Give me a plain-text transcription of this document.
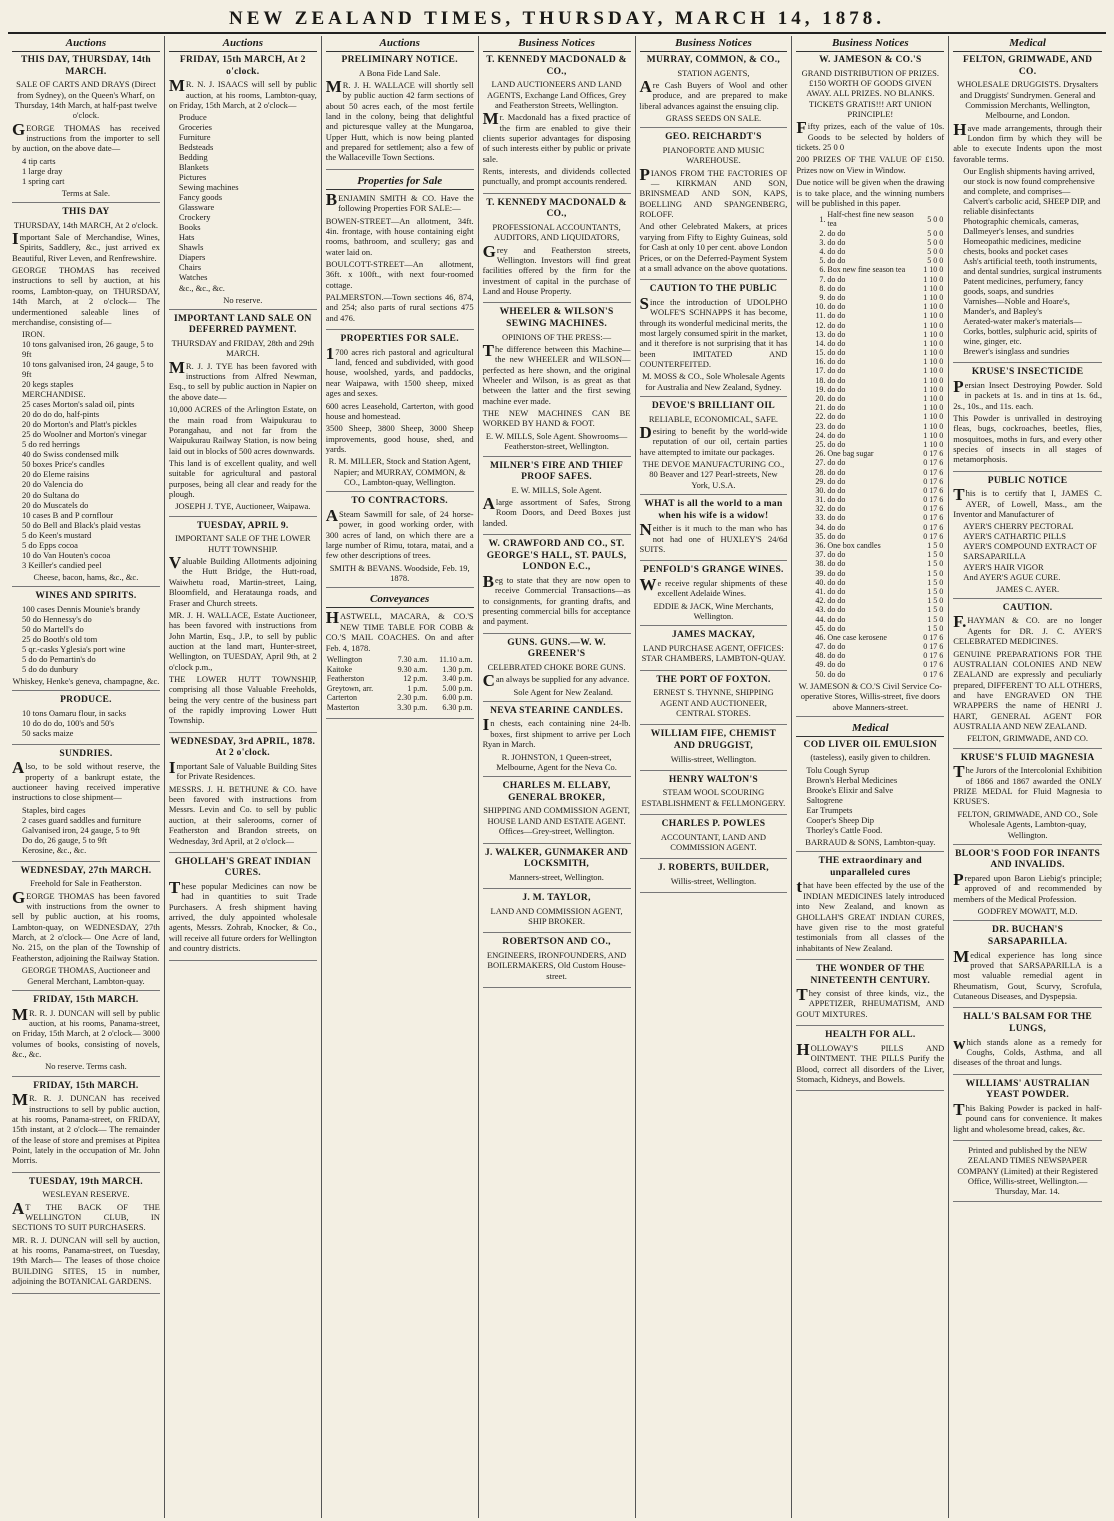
NEW ZEALAND TIMES, THURSDAY, MARCH 14, 1878.
Auctions
THIS DAY, THURSDAY, 14th MARCH.
SALE OF CARTS AND DRAYS (Direct from Sydney), on the Queen's Wharf, on Thursday, 14th March, at half-past twelve o'clock.

GEORGE THOMAS has received instructions from the importer to sell by auction, on the above date—

4 tip carts
1 large dray
1 spring cart
Terms at Sale.
THIS DAY
THURSDAY, 14th MARCH, At 2 o'clock.

Important Sale of Merchandise, Wines, Spirits, Saddlery, &c., just arrived ex Beautiful, River Leven, and Renfrewshire.

GEORGE THOMAS has received instructions to sell by auction, at his rooms, Lambton-quay, on THURSDAY, 14th March, at 2 o'clock— The undermentioned saleable lines of merchandise, consisting of—

IRON.
10 tons galvanised iron, 26 gauge, 5 to 9ft
10 tons galvanised iron, 24 gauge, 5 to 9ft
20 kegs staples
MERCHANDISE.
25 cases Morton's salad oil, pints
20 do do do, half-pints
20 do Morton's and Platt's pickles
25 do Woolner and Morton's vinegar
5 do red herrings
40 do Swiss condensed milk
50 boxes Price's candles
20 do Eleme raisins
20 do Valencia do
20 do Sultana do
20 do Muscatels do
10 cases B and P cornflour
50 do Bell and Black's plaid vestas
5 do Keen's mustard
5 do Epps cocoa
10 do Van Houten's cocoa
3 Keiller's candied peel
Cheese, bacon, hams, &c., &c.
WINES AND SPIRITS.
100 cases Dennis Mounie's brandy
50 do Hennessy's do
50 do Martell's do
25 do Booth's old tom
5 qr.-casks Yglesia's port wine
5 do do Pemartin's do
5 do do dunbury
Whiskey, Henke's geneva, champagne, &c.
PRODUCE.
10 tons Oamaru flour, in sacks
10 do do do, 100's and 50's
50 sacks maize
SUNDRIES.

Also, to be sold without reserve, the property of a bankrupt estate, the auctioneer having received imperative instructions to close shipment—

Staples, bird cages
2 cases guard saddles and furniture
Galvanised iron, 24 gauge, 5 to 9ft
Do do, 26 gauge, 5 to 9ft
Kerosine, &c., &c.
WEDNESDAY, 27th MARCH.
Freehold for Sale in Featherston.

GEORGE THOMAS has been favored with instructions from the owner to sell by public auction, at his rooms, Lambton-quay, on WEDNESDAY, 27th March, at 2 o'clock— One Acre of land, No. 215, on the plan of the Township of Featherston, adjoining the Railway Station.

GEORGE THOMAS, Auctioneer and General Merchant, Lambton-quay.
FRIDAY, 15th MARCH.

MR. R. J. DUNCAN will sell by public auction, at his rooms, Panama-street, on Friday, 15th March, at 2 o'clock— 3000 volumes of books, consisting of novels, &c., &c.

No reserve. Terms cash.
FRIDAY, 15th MARCH.

MR. R. J. DUNCAN has received instructions to sell by public auction, at his rooms, Panama-street, on FRIDAY, 15th instant, at 2 o'clock— The remainder of the lease of store and premises at Pipitea Point, lately in the occupation of Mr. John Morris.

TUESDAY, 19th MARCH.
WESLEYAN RESERVE.

AT THE BACK OF THE WELLINGTON CLUB, IN SECTIONS TO SUIT PURCHASERS.

MR. R. J. DUNCAN will sell by auction, at his rooms, Panama-street, on Tuesday, 19th March— The leases of those choice BUILDING SITES, 15 in number, adjoining the BOTANICAL GARDENS.

Auctions
FRIDAY, 15th MARCH, At 2 o'clock.

MR. N. J. ISAACS will sell by public auction, at his rooms, Lambton-quay, on Friday, 15th March, at 2 o'clock—

Produce
Groceries
Furniture
Bedsteads
Bedding
Blankets
Pictures
Sewing machines
Fancy goods
Glassware
Crockery
Books
Hats
Shawls
Diapers
Chairs
Watches
&c., &c., &c.
No reserve.
IMPORTANT LAND SALE ON DEFERRED PAYMENT.
THURSDAY and FRIDAY, 28th and 29th MARCH.

MR. J. J. TYE has been favored with instructions from Alfred Newman, Esq., to sell by public auction in Napier on the above date—

10,000 ACRES of the Arlington Estate, on the main road from Waipukurau to Porangahau, and not far from the Waipukurau Railway Station, is now being laid out in blocks of 500 acres downwards.

This land is of excellent quality, and well suitable for agricultural and pastoral purposes, being all clear and ready for the plough.

JOSEPH J. TYE, Auctioneer, Waipawa.
TUESDAY, APRIL 9.
IMPORTANT SALE OF THE LOWER HUTT TOWNSHIP.

Valuable Building Allotments adjoining the Hutt Bridge, the Hutt-road, Waiwhetu road, Martin-street, Laing, Bloomfield, and Herataunga roads, and Fraser and Church streets.

MR. J. H. WALLACE, Estate Auctioneer, has been favored with instructions from John Martin, Esq., J.P., to sell by public auction at the land mart, Hunter-street, Wellington, on TUESDAY, April 9th, at 2 o'clock p.m.,

THE LOWER HUTT TOWNSHIP, comprising all those Valuable Freeholds, being the very centre of the business part of the rapidly improving Lower Hutt Township.

WEDNESDAY, 3rd APRIL, 1878. At 2 o'clock.

Important Sale of Valuable Building Sites for Private Residences.

MESSRS. J. H. BETHUNE & CO. have been favored with instructions from Messrs. Levin and Co. to sell by public auction, at their salerooms, corner of Featherston and Brandon streets, on Wednesday, 3rd April, at 2 o'clock—

GHOLLAH'S GREAT INDIAN CURES.

These popular Medicines can now be had in quantities to suit Trade Purchasers. A fresh shipment having arrived, the duly appointed wholesale agents, Messrs. Zohrab, Knocker, & Co., will receive all future orders for Wellington and country districts.

Auctions
PRELIMINARY NOTICE.
A Bona Fide Land Sale.

MR. J. H. WALLACE will shortly sell by public auction 42 farm sections of about 50 acres each, of the most fertile land in the colony, being that delightful and picturesque valley at the Mungaroa, Upper Hutt, which is now being planted and prepared for settlement; also a few of the Wallaceville Town Sections.

Properties for Sale

BENJAMIN SMITH & CO. Have the following Properties FOR SALE:—

BOWEN-STREET—An allotment, 34ft. 4in. frontage, with house containing eight rooms, bathroom, and scullery; gas and water laid on.

BOULCOTT-STREET—An allotment, 36ft. x 100ft., with next four-roomed cottage.

PALMERSTON.—Town sections 46, 874, and 254; also parts of rural sections 475 and 476.

PROPERTIES FOR SALE.

1700 acres rich pastoral and agricultural land, fenced and subdivided, with good house, woolshed, yards, and paddocks, near Waipawa, with 1500 sheep, mixed ages and sexes.

600 acres Leasehold, Carterton, with good house and homestead.

3500 Sheep, 3800 Sheep, 3000 Sheep improvements, good house, shed, and yards.

R. M. MILLER, Stock and Station Agent, Napier; and MURRAY, COMMON, & CO., Lambton-quay, Wellington.
TO CONTRACTORS.

ASteam Sawmill for sale, of 24 horse-power, in good working order, with 300 acres of land, on which there are a large number of Rimu, totara, matai, and a few other descriptions of trees.

SMITH & BEVANS. Woodside, Feb. 19, 1878.
Conveyances

HASTWELL, MACARA, & CO.'S NEW TIME TABLE FOR COBB & CO.'S MAIL COACHES. On and after Feb. 4, 1878.

Wellington	7.30 a.m.	11.10 a.m.
Kaitoke	9.30 a.m.	1.30 p.m.
Featherston	12 p.m.	3.40 p.m.
Greytown, arr.	1 p.m.	5.00 p.m.
Carterton	2.30 p.m.	6.00 p.m.
Masterton	3.30 p.m.	6.30 p.m.
Business Notices
T. KENNEDY MACDONALD & CO.,
LAND AUCTIONEERS AND LAND AGENTS, Exchange Land Offices, Grey and Featherston Streets, Wellington.

Mr. Macdonald has a fixed practice of the firm are enabled to give their clients superior advantages for disposing of such interests either by public or private sale.

Rents, interests, and dividends collected punctually, and prompt accounts rendered.

T. KENNEDY MACDONALD & CO.,
PROFESSIONAL ACCOUNTANTS, AUDITORS, AND LIQUIDATORS,

Grey and Featherston streets, Wellington. Investors will find great facilities offered by the firm for the investment of capital in the purchase of Land and House Property.

WHEELER & WILSON'S SEWING MACHINES.
OPINIONS OF THE PRESS:—

The difference between this Machine—the new WHEELER and WILSON—perfected as here shown, and the original Wheeler and Wilson, is as great as that between the latter and the first sewing machine ever made.

THE NEW MACHINES CAN BE WORKED BY HAND & FOOT.

E. W. MILLS, Sole Agent. Showrooms—Featherston-street, Wellington.
MILNER'S FIRE AND THIEF PROOF SAFES.
E. W. MILLS, Sole Agent.

Alarge assortment of Safes, Strong Room Doors, and Deed Boxes just landed.

W. CRAWFORD AND CO., ST. GEORGE'S HALL, ST. PAULS, LONDON E.C.,

Beg to state that they are now open to receive Commercial Transactions—as to consignments, for granting drafts, and presenting commercial bills for acceptance and payment.

GUNS. GUNS.—W. W. GREENER'S
CELEBRATED CHOKE BORE GUNS.

Can always be supplied for any advance.

Sole Agent for New Zealand.
NEVA STEARINE CANDLES.

In chests, each containing nine 24-lb. boxes, first shipment to arrive per Loch Ryan in March.

R. JOHNSTON, 1 Queen-street, Melbourne, Agent for the Neva Co.
CHARLES M. ELLABY, GENERAL BROKER,
SHIPPING AND COMMISSION AGENT, HOUSE LAND AND ESTATE AGENT. Offices—Grey-street, Wellington.
J. WALKER, GUNMAKER AND LOCKSMITH,
Manners-street, Wellington.
J. M. TAYLOR,
LAND AND COMMISSION AGENT, SHIP BROKER.
ROBERTSON AND CO.,
ENGINEERS, IRONFOUNDERS, AND BOILERMAKERS, Old Custom House-street.
Business Notices
MURRAY, COMMON, & CO.,
STATION AGENTS,

Are Cash Buyers of Wool and other produce, and are prepared to make liberal advances against the ensuing clip.

GRASS SEEDS ON SALE.
GEO. REICHARDT'S
PIANOFORTE AND MUSIC WAREHOUSE.

PIANOS FROM THE FACTORIES OF— KIRKMAN AND SON, BRINSMEAD AND SON, KAPS, BOELLING AND SPANGENBERG, ROLOFF.

And other Celebrated Makers, at prices varying from Fifty to Eighty Guineas, sold for Cash at only 10 per cent. above London Prices, or on the Deferred-Payment System at a small advance on the above quotations.

CAUTION TO THE PUBLIC

Since the introduction of UDOLPHO WOLFE'S SCHNAPPS it has become, through its wonderful medicinal merits, the most largely consumed spirit in the market, and it therefore is not surprising that it has been IMITATED AND COUNTERFEITED.

M. MOSS & CO., Sole Wholesale Agents for Australia and New Zealand, Sydney.
DEVOE'S BRILLIANT OIL
RELIABLE, ECONOMICAL, SAFE.

Desiring to benefit by the world-wide reputation of our oil, certain parties have attempted to imitate our packages.

THE DEVOE MANUFACTURING CO., 80 Beaver and 127 Pearl-streets, New York, U.S.A.
WHAT is all the world to a man when his wife is a widow!

Neither is it much to the man who has not had one of HUXLEY'S 24/6d SUITS.

PENFOLD'S GRANGE WINES.

We receive regular shipments of these excellent Adelaide Wines.

EDDIE & JACK, Wine Merchants, Wellington.
JAMES MACKAY,
LAND PURCHASE AGENT, OFFICES: STAR CHAMBERS, LAMBTON-QUAY.
THE PORT OF FOXTON.
ERNEST S. THYNNE, SHIPPING AGENT AND AUCTIONEER, CENTRAL STORES.
WILLIAM FIFE, CHEMIST AND DRUGGIST,
Willis-street, Wellington.
HENRY WALTON'S
STEAM WOOL SCOURING ESTABLISHMENT & FELLMONGERY.
CHARLES P. POWLES
ACCOUNTANT, LAND AND COMMISSION AGENT.
J. ROBERTS, BUILDER,
Willis-street, Wellington.
Business Notices
W. JAMESON & CO.'S
GRAND DISTRIBUTION OF PRIZES. £150 WORTH OF GOODS GIVEN AWAY. ALL PRIZES. NO BLANKS. TICKETS GRATIS!!! ART UNION PRINCIPLE!

Fifty prizes, each of the value of 10s. Goods to be selected by holders of tickets. 25 0 0

200 PRIZES OF THE VALUE OF £150. Prizes now on View in Window.

Due notice will be given when the drawing is to take place, and the winning numbers will be published in this paper.

1.	Half-chest fine new season tea	5 0 0
2.	do do	5 0 0
3.	do do	5 0 0
4.	do do	5 0 0
5.	do do	5 0 0
6.	Box new fine season tea	1 10 0
7.	do do	1 10 0
8.	do do	1 10 0
9.	do do	1 10 0
10.	do do	1 10 0
11.	do do	1 10 0
12.	do do	1 10 0
13.	do do	1 10 0
14.	do do	1 10 0
15.	do do	1 10 0
16.	do do	1 10 0
17.	do do	1 10 0
18.	do do	1 10 0
19.	do do	1 10 0
20.	do do	1 10 0
21.	do do	1 10 0
22.	do do	1 10 0
23.	do do	1 10 0
24.	do do	1 10 0
25.	do do	1 10 0
26.	One bag sugar	0 17 6
27.	do do	0 17 6
28.	do do	0 17 6
29.	do do	0 17 6
30.	do do	0 17 6
31.	do do	0 17 6
32.	do do	0 17 6
33.	do do	0 17 6
34.	do do	0 17 6
35.	do do	0 17 6
36.	One box candles	1 5 0
37.	do do	1 5 0
38.	do do	1 5 0
39.	do do	1 5 0
40.	do do	1 5 0
41.	do do	1 5 0
42.	do do	1 5 0
43.	do do	1 5 0
44.	do do	1 5 0
45.	do do	1 5 0
46.	One case kerosene	0 17 6
47.	do do	0 17 6
48.	do do	0 17 6
49.	do do	0 17 6
50.	do do	0 17 6
W. JAMESON & CO.'S Civil Service Co-operative Stores, Willis-street, five doors above Manners-street.
Medical
COD LIVER OIL EMULSION
(tasteless), easily given to children.
Tolu Cough Syrup
Brown's Herbal Medicines
Brooke's Elixir and Salve
Saltogrene
Ear Trumpets
Cooper's Sheep Dip
Thorley's Cattle Food.
BARRAUD & SONS, Lambton-quay.
THE extraordinary and unparalleled cures

that have been effected by the use of the INDIAN MEDICINES lately introduced into New Zealand, and known as GHOLLAH'S GREAT INDIAN CURES, have given rise to the most grateful testimonials from all classes of the inhabitants of New Zealand.

THE WONDER OF THE NINETEENTH CENTURY.

They consist of three kinds, viz., the APPETIZER, RHEUMATISM, AND GOUT MIXTURES.

HEALTH FOR ALL.

HOLLOWAY'S PILLS AND OINTMENT. THE PILLS Purify the Blood, correct all disorders of the Liver, Stomach, Kidneys, and Bowels.

Medical
FELTON, GRIMWADE, AND CO.
WHOLESALE DRUGGISTS. Drysalters and Druggists' Sundrymen. General and Commission Merchants, Wellington, Melbourne, and London.

Have made arrangements, through their London firm by which they will be able to execute Indents upon the most favorable terms.

Our English shipments having arrived, our stock is now found comprehensive and complete, and comprises—
Calvert's carbolic acid, SHEEP DIP, and reliable disinfectants
Photographic chemicals, cameras, Dallmeyer's lenses, and sundries
Homeopathic medicines, medicine chests, books and pocket cases
Ash's artificial teeth, tooth instruments, and dental sundries, surgical instruments
Patent medicines, perfumery, fancy goods, soaps, and sundries
Varnishes—Noble and Hoare's, Mander's, and Bapley's
Aerated-water maker's materials—Corks, bottles, sulphuric acid, spirits of wine, ginger, etc.
Brewer's isinglass and sundries
KRUSE'S INSECTICIDE

Persian Insect Destroying Powder. Sold in packets at 1s. and in tins at 1s. 6d., 2s., 10s., and 11s. each.

This Powder is unrivalled in destroying fleas, bugs, cockroaches, beetles, flies, mosquitoes, moths in furs, and every other species of insects in all stages of metamorphosis.

PUBLIC NOTICE

This is to certify that I, JAMES C. AYER, of Lowell, Mass., am the Inventor and Manufacturer of

AYER'S CHERRY PECTORAL
AYER'S CATHARTIC PILLS
AYER'S COMPOUND EXTRACT OF SARSAPARILLA
AYER'S HAIR VIGOR
And AYER'S AGUE CURE.
JAMES C. AYER.
CAUTION.

F.HAYMAN & CO. are no longer Agents for DR. J. C. AYER'S CELEBRATED MEDICINES.

GENUINE PREPARATIONS FOR THE AUSTRALIAN COLONIES AND NEW ZEALAND are expressly and peculiarly prepared, DIFFERENT TO ALL OTHERS, and have ENGRAVED ON THE WRAPPERS the name of HENRI J. HART, GENERAL AGENT FOR AUSTRALIA AND NEW ZEALAND.

FELTON, GRIMWADE, AND CO.
KRUSE'S FLUID MAGNESIA

The Jurors of the Intercolonial Exhibition of 1866 and 1867 awarded the ONLY PRIZE MEDAL for Fluid Magnesia to KRUSE'S.

FELTON, GRIMWADE, AND CO., Sole Wholesale Agents, Lambton-quay, Wellington.
BLOOR'S FOOD FOR INFANTS AND INVALIDS.

Prepared upon Baron Liebig's principle; approved of and recommended by members of the Medical Profession.

GODFREY MOWATT, M.D.
DR. BUCHAN'S SARSAPARILLA.

Medical experience has long since proved that SARSAPARILLA is a most valuable remedial agent in Rheumatism, Gout, Scurvy, Scrofula, Cutaneous Diseases, and Dyspepsia.

HALL'S BALSAM FOR THE LUNGS,

which stands alone as a remedy for Coughs, Colds, Asthma, and all diseases of the throat and lungs.

WILLIAMS' AUSTRALIAN YEAST POWDER.

This Baking Powder is packed in half-pound cans for convenience. It makes light and wholesome bread, cakes, &c.

Printed and published by the NEW ZEALAND TIMES NEWSPAPER COMPANY (Limited) at their Registered Office, Willis-street, Wellington.—Thursday, Mar. 14.
